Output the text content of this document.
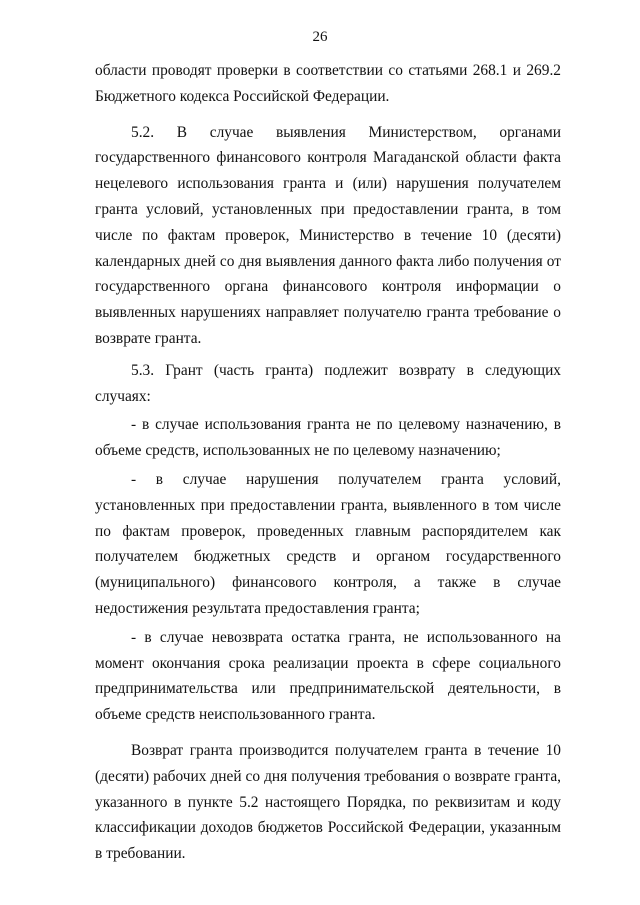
26

области проводят проверки в соответствии со статьями 268.1 и 269.2 Бюджетного кодекса Российской Федерации.

5.2. В случае выявления Министерством, органами государственного финансового контроля Магаданской области факта нецелевого использования гранта и (или) нарушения получателем гранта условий, установленных при предоставлении гранта, в том числе по фактам проверок, Министерство в течение 10 (десяти) календарных дней со дня выявления данного факта либо получения от государственного органа финансового контроля информации о выявленных нарушениях направляет получателю гранта требование о возврате гранта.

5.3. Грант (часть гранта) подлежит возврату в следующих случаях:

- в случае использования гранта не по целевому назначению, в объеме средств, использованных не по целевому назначению;

- в случае нарушения получателем гранта условий, установленных при предоставлении гранта, выявленного в том числе по фактам проверок, проведенных главным распорядителем как получателем бюджетных средств и органом государственного (муниципального) финансового контроля, а также в случае недостижения результата предоставления гранта;

- в случае невозврата остатка гранта, не использованного на момент окончания срока реализации проекта в сфере социального предпринимательства или предпринимательской деятельности, в объеме средств неиспользованного гранта.

Возврат гранта производится получателем гранта в течение 10 (десяти) рабочих дней со дня получения требования о возврате гранта, указанного в пункте 5.2 настоящего Порядка, по реквизитам и коду классификации доходов бюджетов Российской Федерации, указанным в требовании.
